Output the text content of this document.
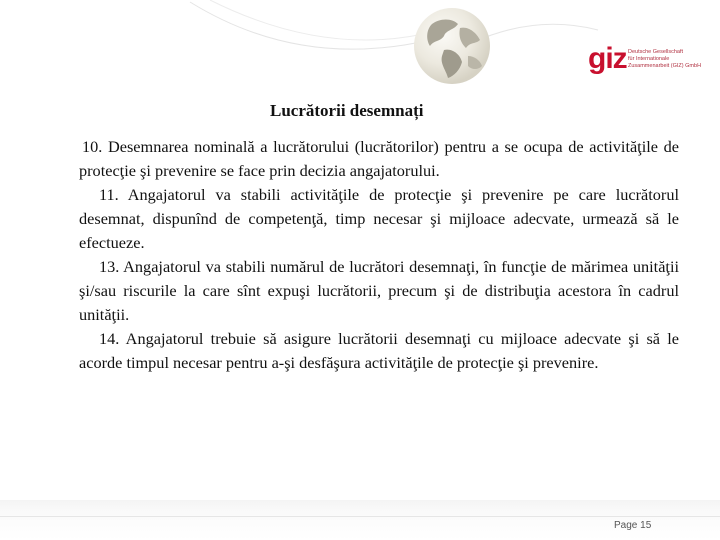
giz Deutsche Gesellschaft
für Internationale
Zusammenarbeit (GIZ) GmbH
Lucrătorii desemnați

10. Desemnarea nominală a lucrătorului (lucrătorilor) pentru a se ocupa de activităţile de protecţie şi prevenire se face prin decizia angajatorului.

11. Angajatorul va stabili activităţile de protecţie şi prevenire pe care lucrătorul desemnat, dispunînd de competenţă, timp necesar şi mijloace adecvate, urmează să le efectueze.

13. Angajatorul va stabili numărul de lucrători desemnaţi, în funcţie de mărimea unităţii şi/sau riscurile la care sînt expuşi lucrătorii, precum şi de distribuţia acestora în cadrul unităţii.

14. Angajatorul trebuie să asigure lucrătorii desemnaţi cu mijloace adecvate şi să le acorde timpul necesar pentru a-şi desfăşura activităţile de protecţie şi prevenire.

Page 15
